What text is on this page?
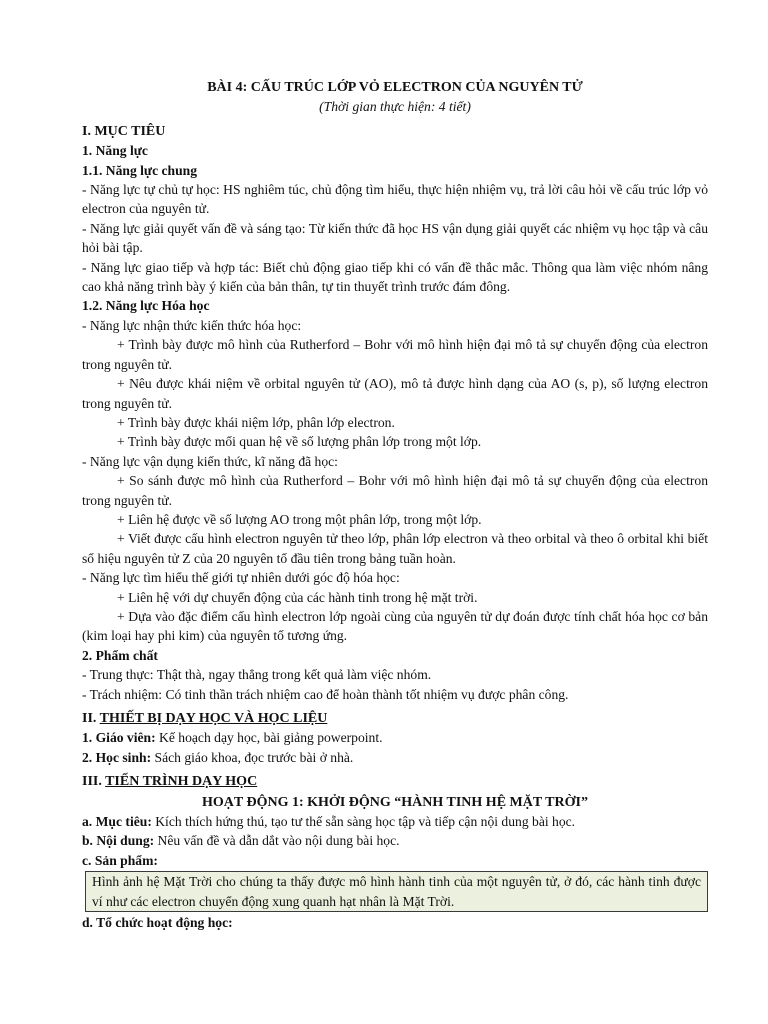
BÀI 4: CẤU TRÚC LỚP VỎ ELECTRON CỦA NGUYÊN TỬ
(Thời gian thực hiện: 4 tiết)
I. MỤC TIÊU
1. Năng lực
1.1. Năng lực chung
- Năng lực tự chủ tự học: HS nghiêm túc, chủ động tìm hiểu, thực hiện nhiệm vụ, trả lời câu hỏi về cấu trúc lớp vỏ electron của nguyên tử.
- Năng lực giải quyết vấn đề và sáng tạo: Từ kiến thức đã học HS vận dụng giải quyết các nhiệm vụ học tập và câu hỏi bài tập.
- Năng lực giao tiếp và hợp tác: Biết chủ động giao tiếp khi có vấn đề thắc mắc. Thông qua làm việc nhóm nâng cao khả năng trình bày ý kiến của bản thân, tự tin thuyết trình trước đám đông.
1.2. Năng lực Hóa học
- Năng lực nhận thức kiến thức hóa học:
+ Trình bày được mô hình của Rutherford – Bohr với mô hình hiện đại mô tả sự chuyển động của electron trong nguyên tử.
+ Nêu được khái niệm về orbital nguyên tử (AO), mô tả được hình dạng của AO (s, p), số lượng electron trong nguyên tử.
+ Trình bày được khái niệm lớp, phân lớp electron.
+ Trình bày được mối quan hệ về số lượng phân lớp trong một lớp.
- Năng lực vận dụng kiến thức, kĩ năng đã học:
+ So sánh được mô hình của Rutherford – Bohr với mô hình hiện đại mô tả sự chuyển động của electron trong nguyên tử.
+ Liên hệ được về số lượng AO trong một phân lớp, trong một lớp.
+ Viết được cấu hình electron nguyên tử theo lớp, phân lớp electron và theo orbital và theo ô orbital khi biết số hiệu nguyên tử Z của 20 nguyên tố đầu tiên trong bảng tuần hoàn.
- Năng lực tìm hiểu thế giới tự nhiên dưới góc độ hóa học:
+ Liên hệ với dự chuyển động của các hành tinh trong hệ mặt trời.
+ Dựa vào đặc điểm cấu hình electron lớp ngoài cùng của nguyên tử dự đoán được tính chất hóa học cơ bản (kim loại hay phi kim) của nguyên tố tương ứng.
2. Phẩm chất
- Trung thực: Thật thà, ngay thẳng trong kết quả làm việc nhóm.
- Trách nhiệm: Có tinh thần trách nhiệm cao để hoàn thành tốt nhiệm vụ được phân công.
II. THIẾT BỊ DẠY HỌC VÀ HỌC LIỆU
1. Giáo viên: Kế hoạch dạy học, bài giảng powerpoint.
2. Học sinh: Sách giáo khoa, đọc trước bài ở nhà.
III. TIẾN TRÌNH DẠY HỌC
HOẠT ĐỘNG 1: KHỞI ĐỘNG “HÀNH TINH HỆ MẶT TRỜI”
a. Mục tiêu: Kích thích hứng thú, tạo tư thế sẵn sàng học tập và tiếp cận nội dung bài học.
b. Nội dung: Nêu vấn đề và dẫn dắt vào nội dung bài học.
c. Sản phẩm:
Hình ảnh hệ Mặt Trời cho chúng ta thấy được mô hình hành tinh của một nguyên tử, ở đó, các hành tinh được ví như các electron chuyển động xung quanh hạt nhân là Mặt Trời.
d. Tổ chức hoạt động học:
